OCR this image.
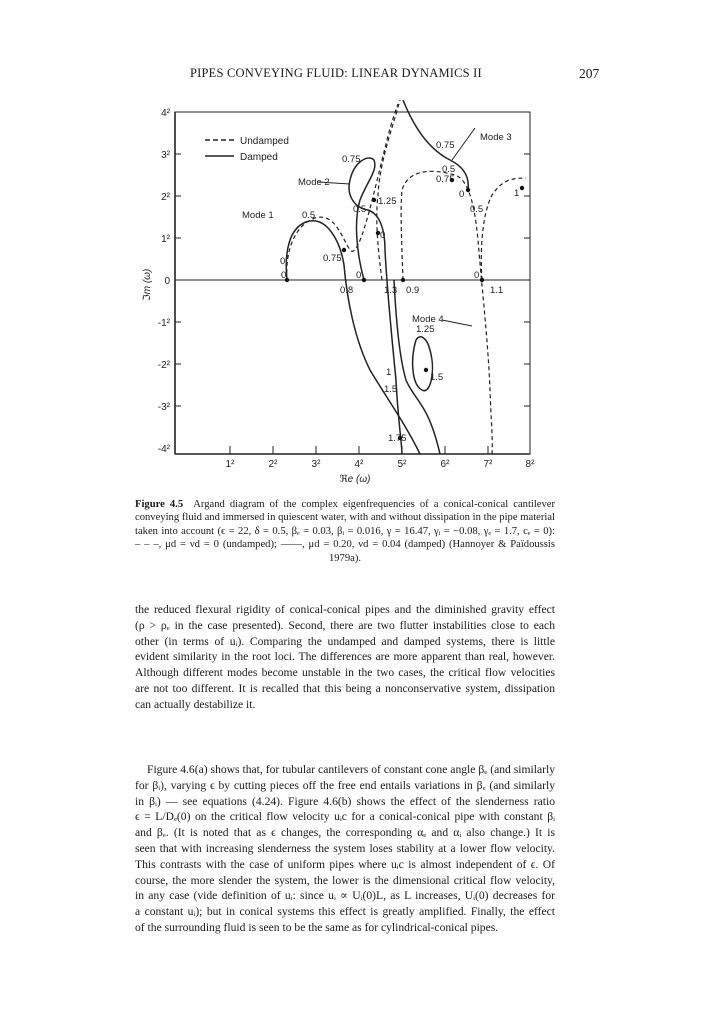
PIPES CONVEYING FLUID: LINEAR DYNAMICS II	207
4²
3²
2²
1²
0
-1²
-2²
-3²
-4²
1²	2²	3²	4²	5²	6²	7²	8²
ℑm (ω)
ℜe (ω)
Undamped
Damped
Mode 1
Mode 2
Mode 3
Mode 4
0.75
0.75
0.5
0.75
0.5
0.5
1.25
0
0.5
0
0	0	0
0.8	1.3 0.9	1.1
1.25
1	1.5
1.5
1.75
1
0
0.75
Figure 4.5 Argand diagram of the complex eigenfrequencies of a conical-conical cantilever
conveying fluid and immersed in quiescent water, with and without dissipation in the pipe material
taken into account (ϵ = 22, δ = 0.5, βₑ = 0.03, βᵢ = 0.016, γ = 16.47, γᵢ = −0.08, γₑ = 1.7, cₑ = 0):
– – –, μd = νd = 0 (undamped); ——, μd = 0.20, νd = 0.04 (damped) (Hannoyer & Païdoussis
1979a).
the reduced flexural rigidity of conical-conical pipes and the diminished gravity effect
(ρ > ρₑ in the case presented). Second, there are two flutter instabilities close to each
other (in terms of uᵢ). Comparing the undamped and damped systems, there is little
evident similarity in the root loci. The differences are more apparent than real, however.
Although different modes become unstable in the two cases, the critical flow velocities
are not too different. It is recalled that this being a nonconservative system, dissipation
can actually destabilize it.
Figure 4.6(a) shows that, for tubular cantilevers of constant cone angle βₑ (and similarly
for βᵢ), varying ϵ by cutting pieces off the free end entails variations in βₑ (and similarly
in βᵢ) — see equations (4.24). Figure 4.6(b) shows the effect of the slenderness ratio
ϵ = L/Dₑ(0) on the critical flow velocity uᵢc for a conical-conical pipe with constant βᵢ
and βₑ. (It is noted that as ϵ changes, the corresponding αₑ and αᵢ also change.) It is
seen that with increasing slenderness the system loses stability at a lower flow velocity.
This contrasts with the case of uniform pipes where uᵢc is almost independent of ϵ. Of
course, the more slender the system, the lower is the dimensional critical flow velocity,
in any case (vide definition of uᵢ: since uᵢ ∝ Uᵢ(0)L, as L increases, Uᵢ(0) decreases for
a constant uᵢ); but in conical systems this effect is greatly amplified. Finally, the effect
of the surrounding fluid is seen to be the same as for cylindrical-conical pipes.
